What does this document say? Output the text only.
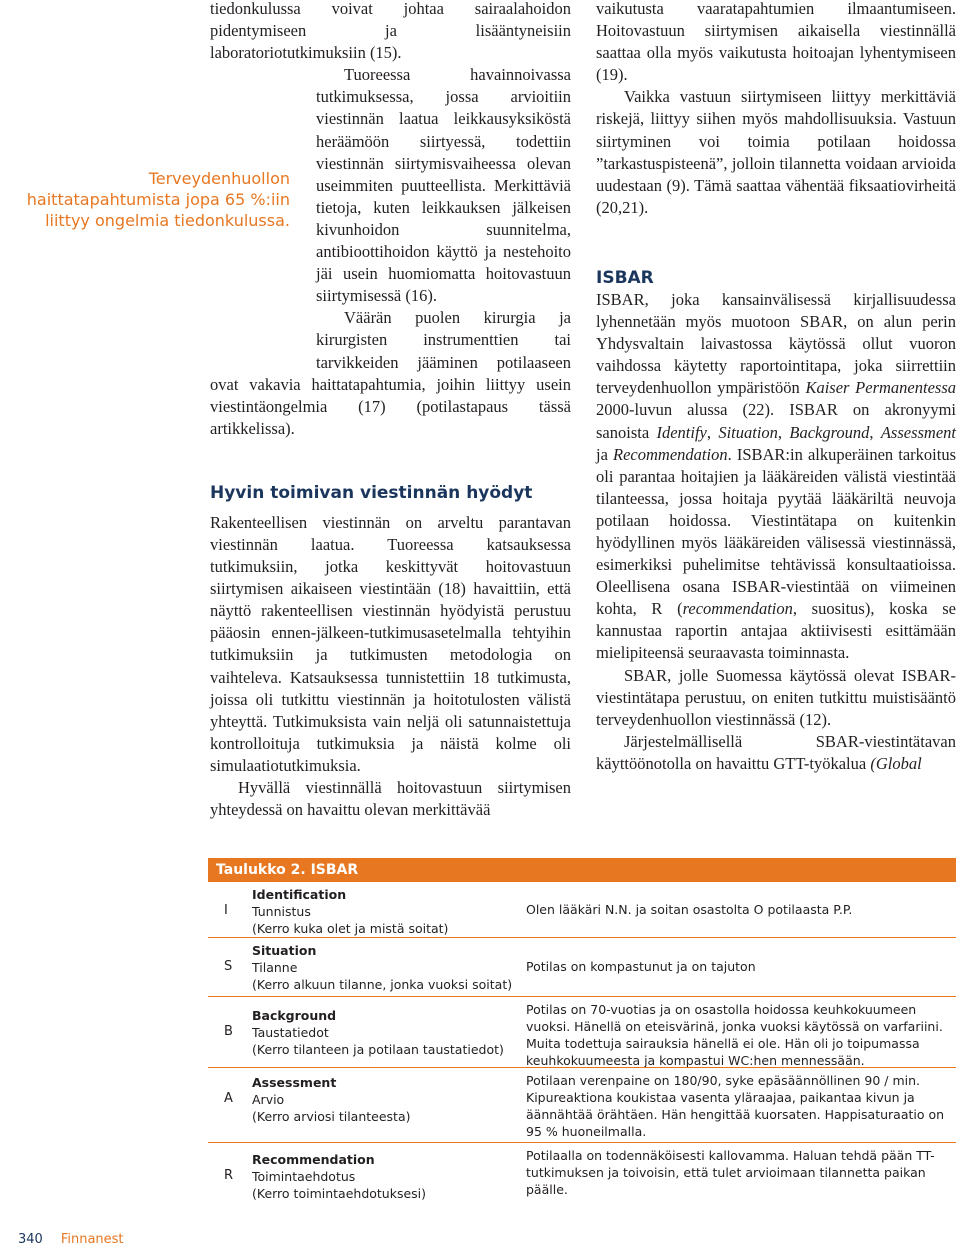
Terveydenhuollon haittatapahtumista jopa 65 %:iin liittyy ongelmia tiedonkulussa.

tiedonkulussa voivat johtaa sairaalahoidon pidentymiseen ja lisääntyneisiin laboratoriotutkimuksiin (15).

Tuoreessa havainnoivassa tutkimuksessa, jossa arvioitiin viestinnän laatua leikkausyksiköstä heräämöön siirtyessä, todettiin viestinnän siirtymisvaiheessa olevan useimmiten puutteellista. Merkittäviä tietoja, kuten leikkauksen jälkeisen kivunhoidon suunnitelma, antibioottihoidon käyttö ja nestehoito jäi usein huomiomatta hoitovastuun siirtymisessä (16).

Väärän puolen kirurgia ja kirurgisten instrumenttien tai tarvikkeiden jääminen potilaaseen ovat vakavia haittatapahtumia, joihin liittyy usein viestintäongelmia (17) (potilastapaus tässä artikkelissa).

Hyvin toimivan viestinnän hyödyt

Rakenteellisen viestinnän on arveltu parantavan viestinnän laatua. Tuoreessa katsauksessa tutkimuksiin, jotka keskittyvät hoitovastuun siirtymisen aikaiseen viestintään (18) havaittiin, että näyttö rakenteellisen viestinnän hyödyistä perustuu pääosin ennen-jälkeen-tutkimusasetelmalla tehtyihin tutkimuksiin ja tutkimusten metodologia on vaihteleva. Katsauksessa tunnistettiin 18 tutkimusta, joissa oli tutkittu viestinnän ja hoitotulosten välistä yhteyttä. Tutkimuksista vain neljä oli satunnaistettuja kontrolloituja tutkimuksia ja näistä kolme oli simulaatiotutkimuksia.

Hyvällä viestinnällä hoitovastuun siirtymisen yhteydessä on havaittu olevan merkittävää

vaikutusta vaaratapahtumien ilmaantumiseen. Hoitovastuun siirtymisen aikaisella viestinnällä saattaa olla myös vaikutusta hoitoajan lyhentymiseen (19).

Vaikka vastuun siirtymiseen liittyy merkittäviä riskejä, liittyy siihen myös mahdollisuuksia. Vastuun siirtyminen voi toimia potilaan hoidossa ”tarkastuspisteenä”, jolloin tilannetta voidaan arvioida uudestaan (9). Tämä saattaa vähentää fiksaatiovirheitä (20,21).

ISBAR

ISBAR, joka kansainvälisessä kirjallisuudessa lyhennetään myös muotoon SBAR, on alun perin Yhdysvaltain laivastossa käytössä ollut vuoron vaihdossa käytetty raportointitapa, joka siirrettiin terveydenhuollon ympäristöön Kaiser Permanentessa 2000-luvun alussa (22). ISBAR on akronyymi sanoista Identify, Situation, Background, Assessment ja Recommendation. ISBAR:in alkuperäinen tarkoitus oli parantaa hoitajien ja lääkäreiden välistä viestintää tilanteessa, jossa hoitaja pyytää lääkäriltä neuvoja potilaan hoidossa. Viestintätapa on kuitenkin hyödyllinen myös lääkäreiden välisessä viestinnässä, esimerkiksi puhelimitse tehtävissä konsultaatioissa. Oleellisena osana ISBAR-viestintää on viimeinen kohta, R (recommendation, suositus), koska se kannustaa raportin antajaa aktiivisesti esittämään mielipiteensä seuraavasta toiminnasta.

SBAR, jolle Suomessa käytössä olevat ISBAR-viestintätapa perustuu, on eniten tutkittu muistisääntö terveydenhuollon viestinnässä (12).

Järjestelmällisellä SBAR-viestintätavan käyttöönotolla on havaittu GTT-työkalua (Global

Taulukko 2. ISBAR
I
Identification
Tunnistus
(Kerro kuka olet ja mistä soitat)
Olen lääkäri N.N. ja soitan osastolta O potilaasta P.P.
S
Situation
Tilanne
(Kerro alkuun tilanne, jonka vuoksi soitat)
Potilas on kompastunut ja on tajuton
B
Background
Taustatiedot
(Kerro tilanteen ja potilaan taustatiedot)
Potilas on 70-vuotias ja on osastolla hoidossa keuhkokuumeen vuoksi. Hänellä on eteisvärinä, jonka vuoksi käytössä on varfariini. Muita todettuja sairauksia hänellä ei ole. Hän oli jo toipumassa keuhkokuumeesta ja kompastui WC:hen mennessään.
A
Assessment
Arvio
(Kerro arviosi tilanteesta)
Potilaan verenpaine on 180/90, syke epäsäännöllinen 90 / min. Kipureaktiona koukistaa vasenta yläraajaa, paikantaa kivun ja äännähtää örähtäen. Hän hengittää kuorsaten. Happisaturaatio on 95 % huoneilmalla.
R
Recommendation
Toimintaehdotus
(Kerro toimintaehdotuksesi)
Potilaalla on todennäköisesti kallovamma. Haluan tehdä pään TT-tutkimuksen ja toivoisin, että tulet arvioimaan tilannetta paikan päälle.
340 Finnanest
